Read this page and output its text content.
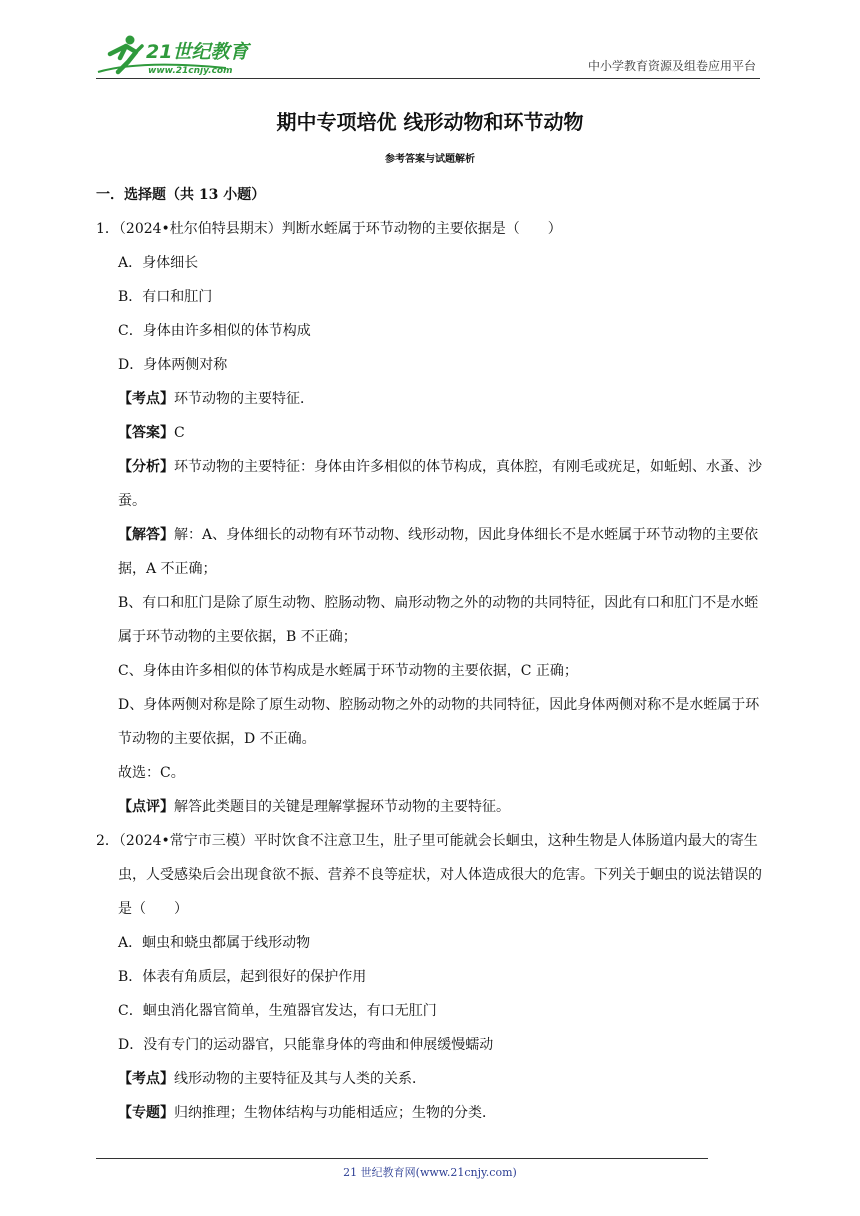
21世纪教育
www.21cnjy.com	中小学教育资源及组卷应用平台
期中专项培优 线形动物和环节动物
参考答案与试题解析

一．选择题（共 13 小题）

1．（2024•杜尔伯特县期末）判断水蛭属于环节动物的主要依据是（　　）

A．身体细长

B．有口和肛门

C．身体由许多相似的体节构成

D．身体两侧对称

【考点】环节动物的主要特征．

【答案】C

【分析】环节动物的主要特征：身体由许多相似的体节构成，真体腔，有刚毛或疣足，如蚯蚓、水蚤、沙蚕。

【解答】解：A、身体细长的动物有环节动物、线形动物，因此身体细长不是水蛭属于环节动物的主要依据，A 不正确；

B、有口和肛门是除了原生动物、腔肠动物、扁形动物之外的动物的共同特征，因此有口和肛门不是水蛭属于环节动物的主要依据，B 不正确；

C、身体由许多相似的体节构成是水蛭属于环节动物的主要依据，C 正确；

D、身体两侧对称是除了原生动物、腔肠动物之外的动物的共同特征，因此身体两侧对称不是水蛭属于环节动物的主要依据，D 不正确。

故选：C。

【点评】解答此类题目的关键是理解掌握环节动物的主要特征。

2．（2024•常宁市三模）平时饮食不注意卫生，肚子里可能就会长蛔虫，这种生物是人体肠道内最大的寄生虫，人受感染后会出现食欲不振、营养不良等症状，对人体造成很大的危害。下列关于蛔虫的说法错误的是（　　）

A．蛔虫和蛲虫都属于线形动物

B．体表有角质层，起到很好的保护作用

C．蛔虫消化器官简单，生殖器官发达，有口无肛门

D．没有专门的运动器官，只能靠身体的弯曲和伸展缓慢蠕动

【考点】线形动物的主要特征及其与人类的关系．

【专题】归纳推理；生物体结构与功能相适应；生物的分类．

21 世纪教育网(www.21cnjy.com)
